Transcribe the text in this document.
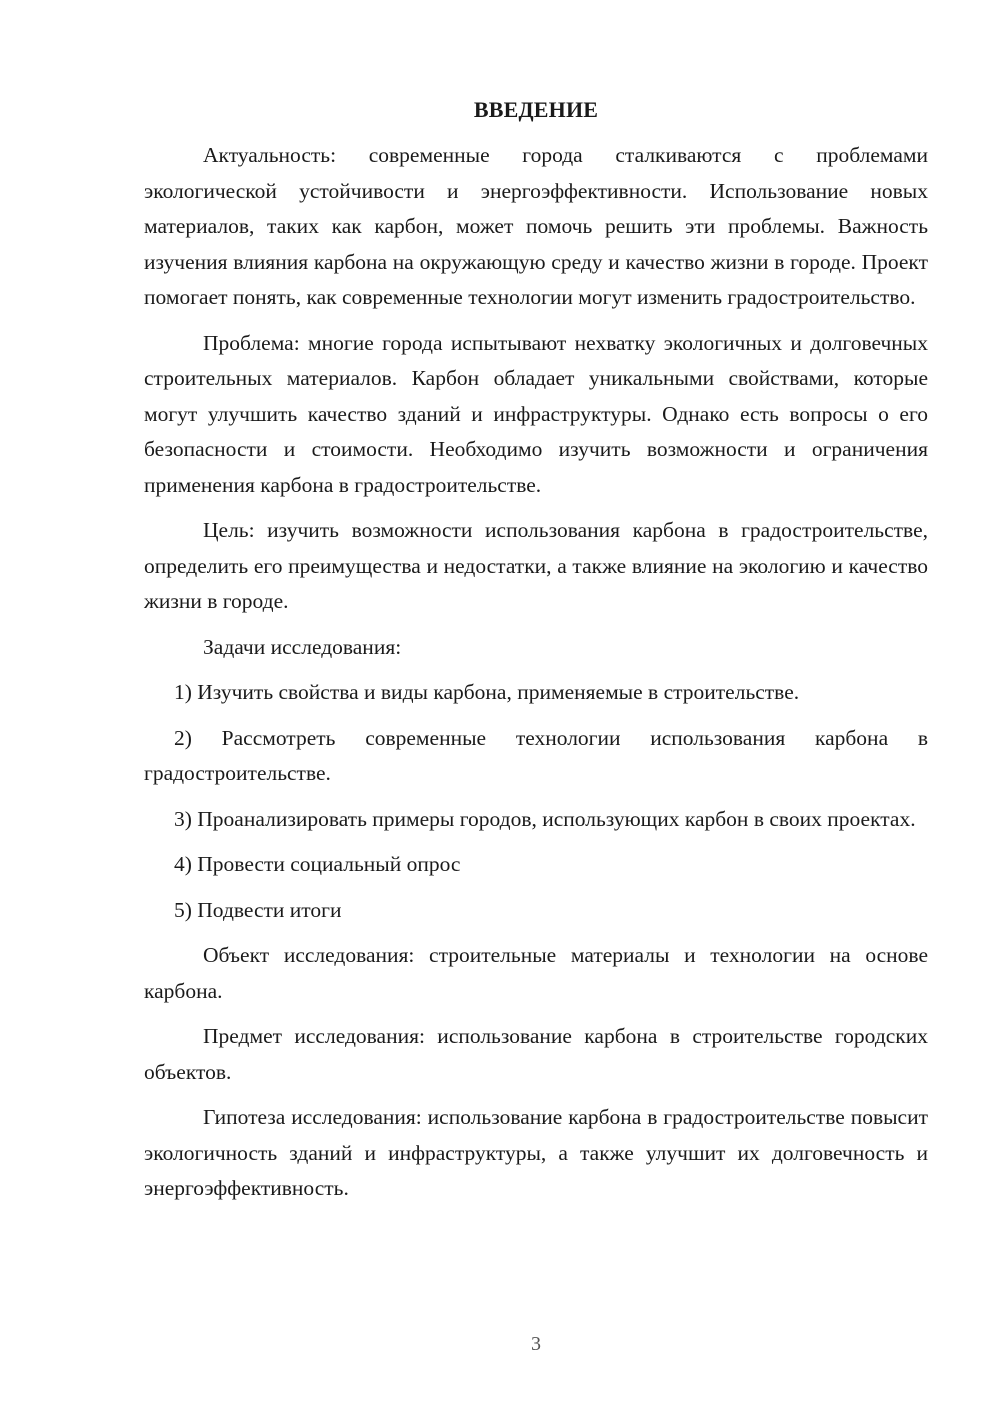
ВВЕДЕНИЕ

Актуальность: современные города сталкиваются с проблемами экологической устойчивости и энергоэффективности. Использование новых материалов, таких как карбон, может помочь решить эти проблемы. Важность изучения влияния карбона на окружающую среду и качество жизни в городе. Проект помогает понять, как современные технологии могут изменить градостроительство.

Проблема: многие города испытывают нехватку экологичных и долговечных строительных материалов. Карбон обладает уникальными свойствами, которые могут улучшить качество зданий и инфраструктуры. Однако есть вопросы о его безопасности и стоимости. Необходимо изучить возможности и ограничения применения карбона в градостроительстве.

Цель: изучить возможности использования карбона в градостроительстве, определить его преимущества и недостатки, а также влияние на экологию и качество жизни в городе.

Задачи исследования:

1) Изучить свойства и виды карбона, применяемые в строительстве.

2) Рассмотреть современные технологии использования карбона в градостроительстве.

3) Проанализировать примеры городов, использующих карбон в своих проектах.

4) Провести социальный опрос

5) Подвести итоги

Объект исследования: строительные материалы и технологии на основе карбона.

Предмет исследования: использование карбона в строительстве городских объектов.

Гипотеза исследования: использование карбона в градостроительстве повысит экологичность зданий и инфраструктуры, а также улучшит их долговечность и энергоэффективность.

3
